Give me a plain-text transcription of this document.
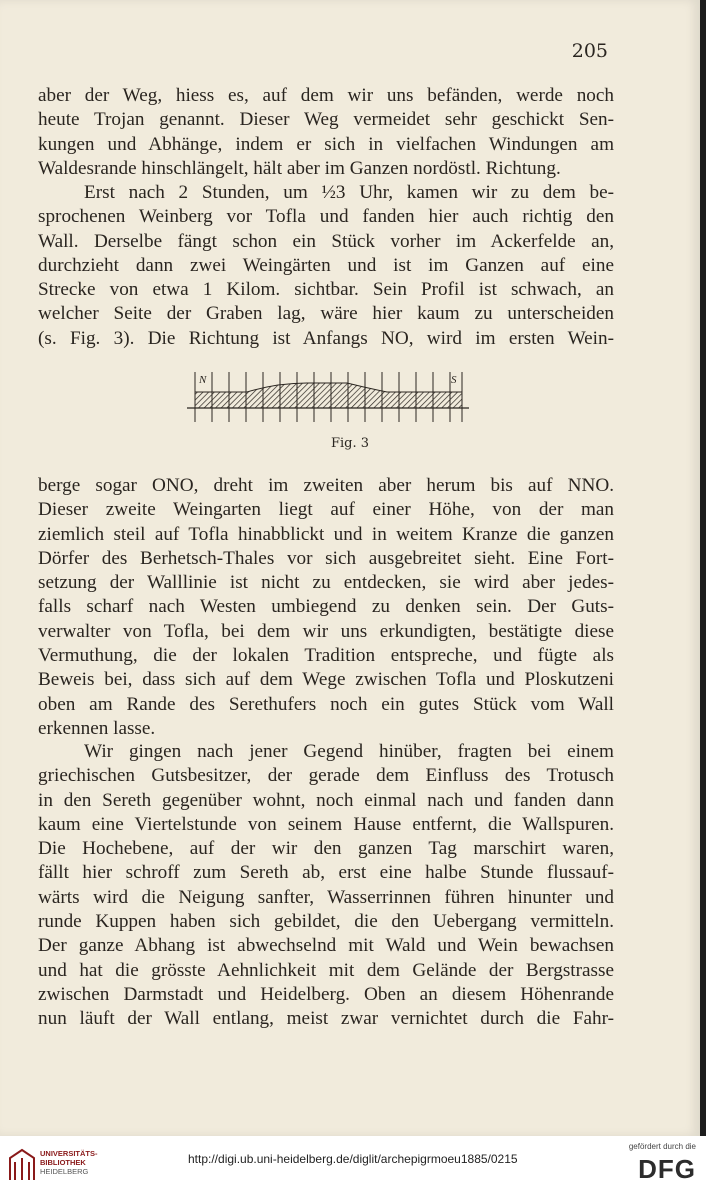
205

aber der Weg, hiess es, auf dem wir uns befänden, werde noch
heute Trojan genannt. Dieser Weg vermeidet sehr geschickt Sen-
kungen und Abhänge, indem er sich in vielfachen Windungen am
Waldesrande hinschlängelt, hält aber im Ganzen nordöstl. Richtung.

Erst nach 2 Stunden, um ½3 Uhr, kamen wir zu dem be-
sprochenen Weinberg vor Tofla und fanden hier auch richtig den
Wall. Derselbe fängt schon ein Stück vorher im Ackerfelde an,
durchzieht dann zwei Weingärten und ist im Ganzen auf eine
Strecke von etwa 1 Kilom. sichtbar. Sein Profil ist schwach, an
welcher Seite der Graben lag, wäre hier kaum zu unterscheiden
(s. Fig. 3). Die Richtung ist Anfangs NO, wird im ersten Wein-

N	S
Fig. 3

berge sogar ONO, dreht im zweiten aber herum bis auf NNO.
Dieser zweite Weingarten liegt auf einer Höhe, von der man
ziemlich steil auf Tofla hinabblickt und in weitem Kranze die ganzen
Dörfer des Berhetsch-Thales vor sich ausgebreitet sieht. Eine Fort-
setzung der Walllinie ist nicht zu entdecken, sie wird aber jedes-
falls scharf nach Westen umbiegend zu denken sein. Der Guts-
verwalter von Tofla, bei dem wir uns erkundigten, bestätigte diese
Vermuthung, die der lokalen Tradition entspreche, und fügte als
Beweis bei, dass sich auf dem Wege zwischen Tofla und Ploskutzeni
oben am Rande des Serethufers noch ein gutes Stück vom Wall
erkennen lasse.

Wir gingen nach jener Gegend hinüber, fragten bei einem
griechischen Gutsbesitzer, der gerade dem Einfluss des Trotusch
in den Sereth gegenüber wohnt, noch einmal nach und fanden dann
kaum eine Viertelstunde von seinem Hause entfernt, die Wallspuren.
Die Hochebene, auf der wir den ganzen Tag marschirt waren,
fällt hier schroff zum Sereth ab, erst eine halbe Stunde flussauf-
wärts wird die Neigung sanfter, Wasserrinnen führen hinunter und
runde Kuppen haben sich gebildet, die den Uebergang vermitteln.
Der ganze Abhang ist abwechselnd mit Wald und Wein bewachsen
und hat die grösste Aehnlichkeit mit dem Gelände der Bergstrasse
zwischen Darmstadt und Heidelberg. Oben an diesem Höhenrande
nun läuft der Wall entlang, meist zwar vernichtet durch die Fahr-

UNIVERSITÄTS-
BIBLIOTHEK
HEIDELBERG
http://digi.ub.uni-heidelberg.de/diglit/archepigrmoeu1885/0215
gefördert durch die
DFG
